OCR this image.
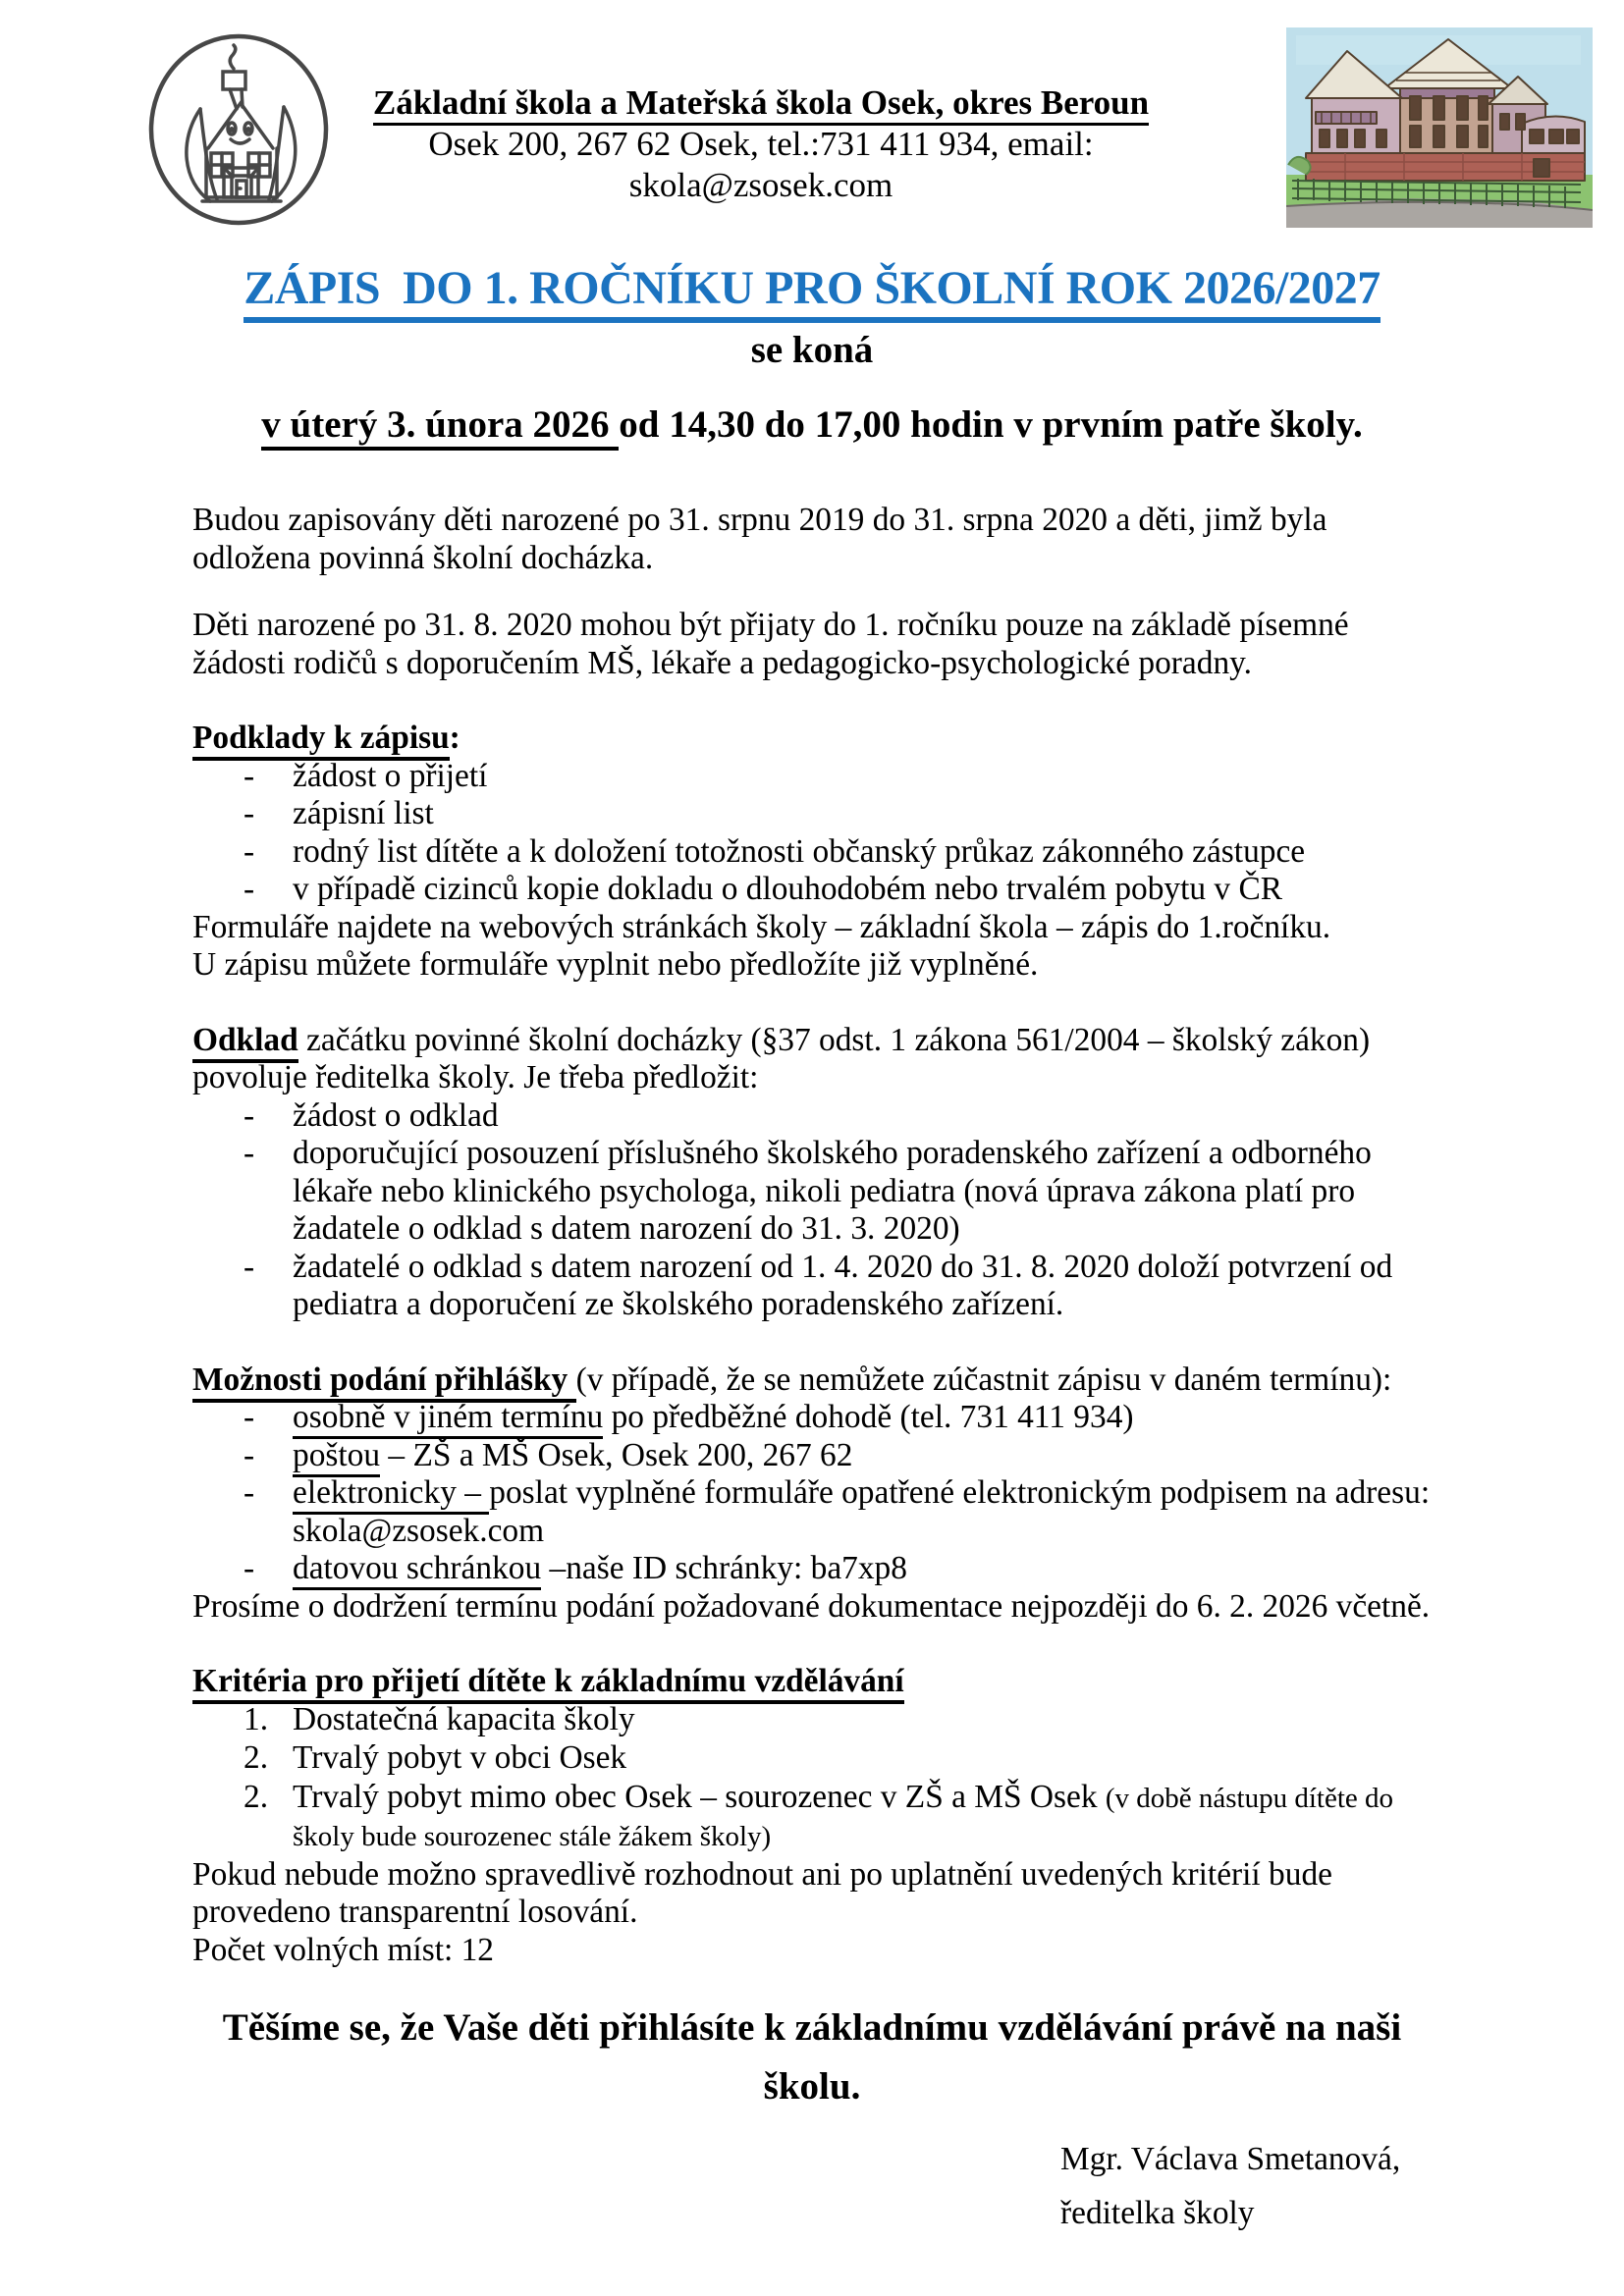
Základní škola a Mateřská škola Osek, okres Beroun
Osek 200, 267 62 Osek, tel.:731 411 934, email: skola@zsosek.com
ZÁPIS  DO 1. ROČNÍKU PRO ŠKOLNÍ ROK 2026/2027
se koná
v úterý 3. února 2026 od 14,30 do 17,00 hodin v prvním patře školy.
Budou zapisovány děti narozené po 31. srpnu 2019 do 31. srpna 2020 a děti, jimž byla odložena povinná školní docházka.
Děti narozené po 31. 8. 2020 mohou být přijaty do 1. ročníku pouze na základě písemné žádosti rodičů s doporučením MŠ, lékaře a pedagogicko-psychologické poradny.
Podklady k zápisu:
- žádost o přijetí
- zápisní list
- rodný list dítěte a k doložení totožnosti občanský průkaz zákonného zástupce
- v případě cizinců kopie dokladu o dlouhodobém nebo trvalém pobytu v ČR
Formuláře najdete na webových stránkách školy – základní škola – zápis do 1.ročníku.
U zápisu můžete formuláře vyplnit nebo předložíte již vyplněné.
Odklad začátku povinné školní docházky (§37 odst. 1 zákona 561/2004 – školský zákon) povoluje ředitelka školy. Je třeba předložit:
- žádost o odklad
- doporučující posouzení příslušného školského poradenského zařízení a odborného lékaře nebo klinického psychologa, nikoli pediatra (nová úprava zákona platí pro žadatele o odklad s datem narození do 31. 3. 2020)
- žadatelé o odklad s datem narození od 1. 4. 2020 do 31. 8. 2020 doloží potvrzení od pediatra a doporučení ze školského poradenského zařízení.
Možnosti podání přihlášky (v případě, že se nemůžete zúčastnit zápisu v daném termínu):
- osobně v jiném termínu po předběžné dohodě (tel. 731 411 934)
- poštou – ZŠ a MŠ Osek, Osek 200, 267 62
- elektronicky – poslat vyplněné formuláře opatřené elektronickým podpisem na adresu: skola@zsosek.com
- datovou schránkou –naše ID schránky: ba7xp8
Prosíme o dodržení termínu podání požadované dokumentace nejpozději do 6. 2. 2026 včetně.
Kritéria pro přijetí dítěte k základnímu vzdělávání
1. Dostatečná kapacita školy
2. Trvalý pobyt v obci Osek
2. Trvalý pobyt mimo obec Osek – sourozenec v ZŠ a MŠ Osek (v době nástupu dítěte do školy bude sourozenec stále žákem školy)
Pokud nebude možno spravedlivě rozhodnout ani po uplatnění uvedených kritérií bude provedeno transparentní losování.
Počet volných míst: 12
Těšíme se, že Vaše děti přihlásíte k základnímu vzdělávání právě na naši školu.
Mgr. Václava Smetanová,
ředitelka školy
